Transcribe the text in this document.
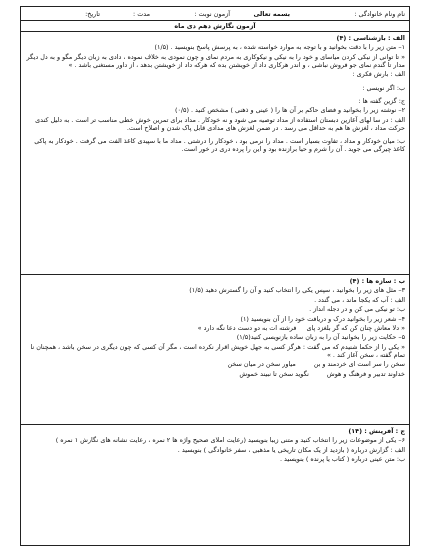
نام ونام خانوادگی :
بسمه تعالی
آزمون نوبت :
مدت :
تاریخ:
آزمون نگارش دهم دی ماه
الف : بازشناسی : (۴)
۱– متن زیر را با دقت بخوانید و با توجه به موارد خواسته شده ، به پرسش پاسخ بنویسید . (۱/۵)
« تا توانی از نیکی کردن میاسای و خود را به نیکی و نیکوکاری به مردم نمای و چون نمودی به خلاف نموده ، دادی به زبان دیگر مگو و به دل دیگر مدار تا گندم نمای جو فروش نباشی ، و اندر هرکاری داد از خویشتن بده که هرکه داد از خویشتن بدهد ، از داور مستغنی باشد . »
الف : بارش فکری :
ب: اگر نویسی :
ج: گزین گفته ها :
۲– نوشته زیر را بخوانید و فضای حاکم بر آن ها را ( عینی و ذهنی ) مشخص کنید . (۰/۵)
الف : در سا لهای آغازین دبستان استفاده از مداد توصیه می شود و نه خودکار . مداد برای تمرین خوش خطی مناسب تر است . به دلیل کندی حرکت مداد ، لغزش ها هم به حداقل می رسد . در ضمن لغزش های مدادی قابل پاک شدن و اصلاح است.
ب: میان خودکار و مداد ، تفاوت بسیار است . مداد را نرمی بود ، خودکار را درشتی . مداد ما با سپیدی کاغذ الفت می گرفت . خودکار به پاکی کاغذ چیرگی می جوید . آن را شرم و حیا برازنده بود و این را پرده دری در خور است.
ب : سازه ها : (۴)
۳– مثل های زیر را بخوانید ، سپس یکی را انتخاب کنید و آن را گسترش دهید (۱/۵)
الف : آب که یکجا ماند ، می گندد .
ب: تو نیکی می کن و در دجله انداز .
۴– شعر زیر را بخوانید درک و دریافت خود را از آن بنویسید (۱)
« دلا معاش چنان کن که گر بلغزد پای     فرشته ات به دو دست دعا نگه دارد »
۵– حکایت زیر را بخوانید آن را به زبان ساده بازنویسی کنید(۱/۵)
« یکی را از حکما شنیدم که می گفت : هرگز کسی به جهل خویش اقرار نکرده است ، مگر آن کسی که چون دیگری در سخن باشد ، همچنان نا تمام گفته ، سخن آغاز کند . »
سخن را سر است ای خردمند و بن
میاور سخن در میان سخن
خداوند تدبیر و فرهنگ و هوش
نگوید سخن تا نبیند خموش
ج : آفرینش : (۱۴)
۶– یکی از موضوعات زیر را انتخاب کنید و متنی زیبا بنویسید (رعایت املای صحیح واژه ها ۲ نمره ، رعایت نشانه های نگارش ۱ نمره )
الف : گزارش درباره ( بازدید از یک مکان تاریخی یا مذهبی ، سفر خانوادگی ) بنویسید .
ب: متن عینی درباره ( کتاب یا پرنده ) بنویسید .
